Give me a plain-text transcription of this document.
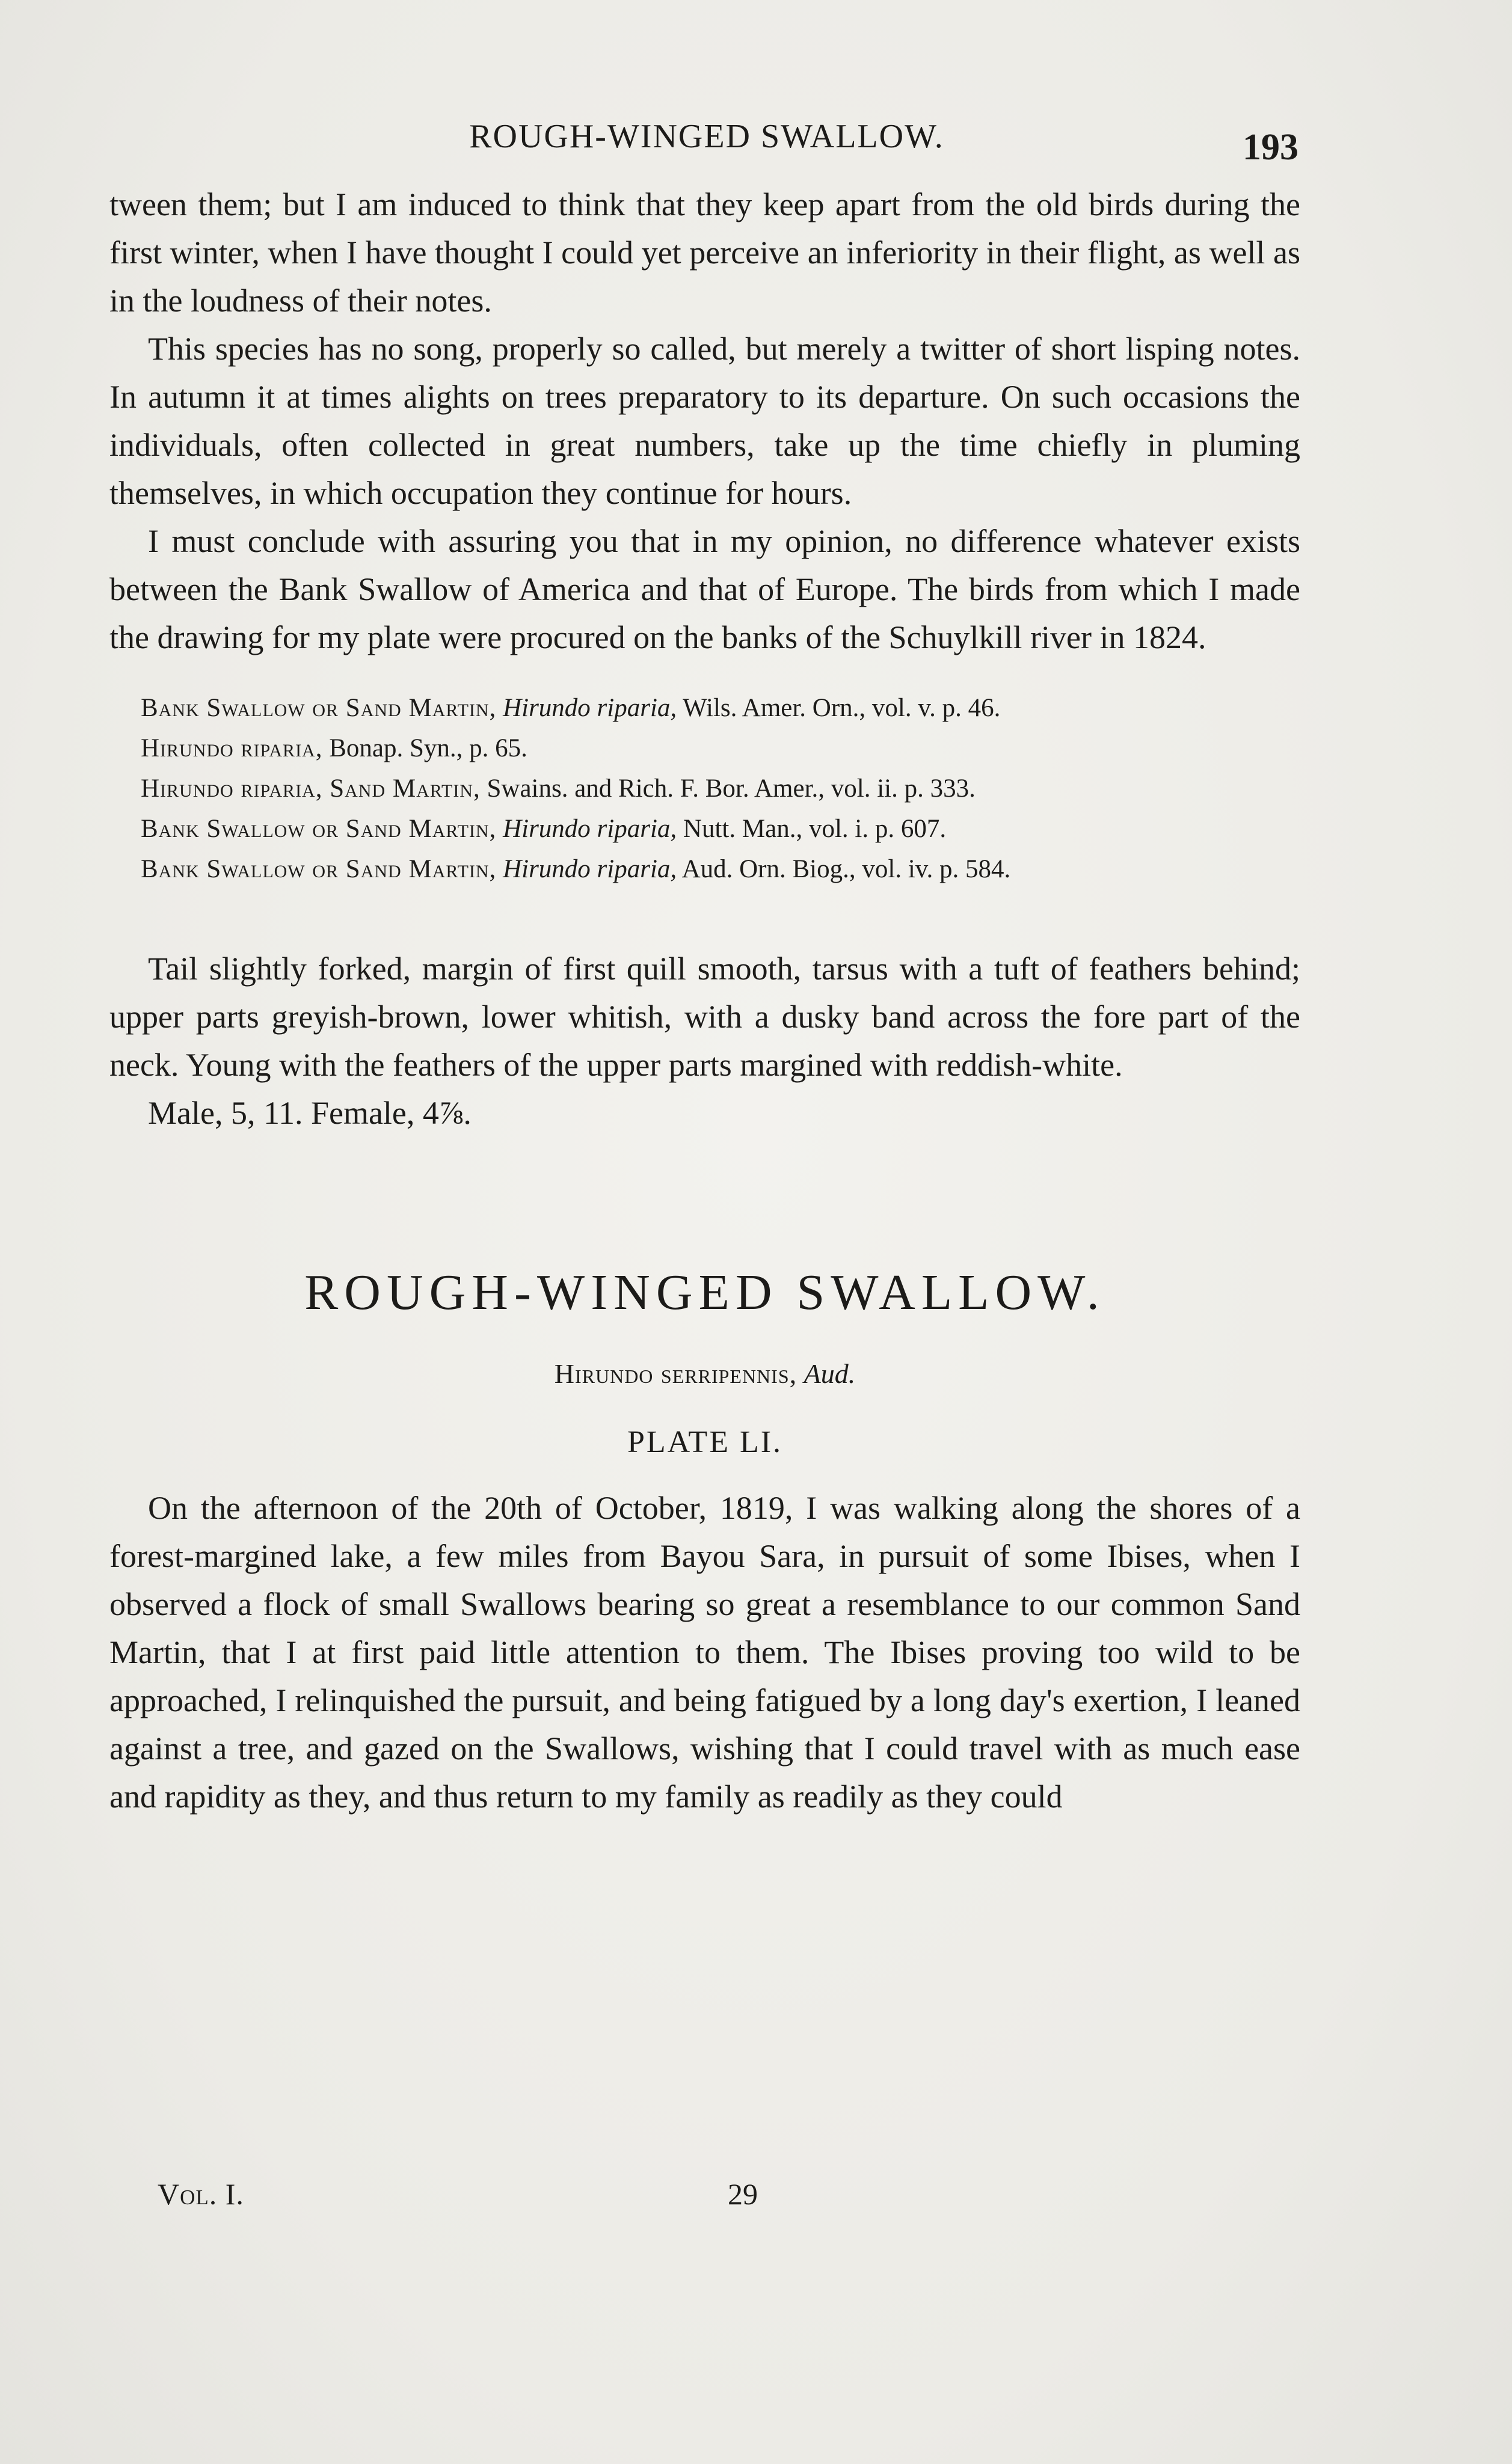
ROUGH-WINGED SWALLOW.	193

tween them; but I am induced to think that they keep apart from the old birds during the first winter, when I have thought I could yet perceive an inferiority in their flight, as well as in the loudness of their notes.

This species has no song, properly so called, but merely a twitter of short lisping notes. In autumn it at times alights on trees preparatory to its departure. On such occasions the individuals, often collected in great numbers, take up the time chiefly in pluming themselves, in which occupation they continue for hours.

I must conclude with assuring you that in my opinion, no difference whatever exists between the Bank Swallow of America and that of Europe. The birds from which I made the drawing for my plate were procured on the banks of the Schuylkill river in 1824.

Bank Swallow or Sand Martin, Hirundo riparia, Wils. Amer. Orn., vol. v. p. 46.
Hirundo riparia, Bonap. Syn., p. 65.
Hirundo riparia, Sand Martin, Swains. and Rich. F. Bor. Amer., vol. ii. p. 333.
Bank Swallow or Sand Martin, Hirundo riparia, Nutt. Man., vol. i. p. 607.
Bank Swallow or Sand Martin, Hirundo riparia, Aud. Orn. Biog., vol. iv. p. 584.

Tail slightly forked, margin of first quill smooth, tarsus with a tuft of feathers behind; upper parts greyish-brown, lower whitish, with a dusky band across the fore part of the neck. Young with the feathers of the upper parts margined with reddish-white.

Male, 5, 11. Female, 4⅞.
ROUGH-WINGED SWALLOW.
Hirundo serripennis, Aud.
PLATE LI.

On the afternoon of the 20th of October, 1819, I was walking along the shores of a forest-margined lake, a few miles from Bayou Sara, in pursuit of some Ibises, when I observed a flock of small Swallows bearing so great a resemblance to our common Sand Martin, that I at first paid little attention to them. The Ibises proving too wild to be approached, I relinquished the pursuit, and being fatigued by a long day's exertion, I leaned against a tree, and gazed on the Swallows, wishing that I could travel with as much ease and rapidity as they, and thus return to my family as readily as they could

Vol. I.	29
